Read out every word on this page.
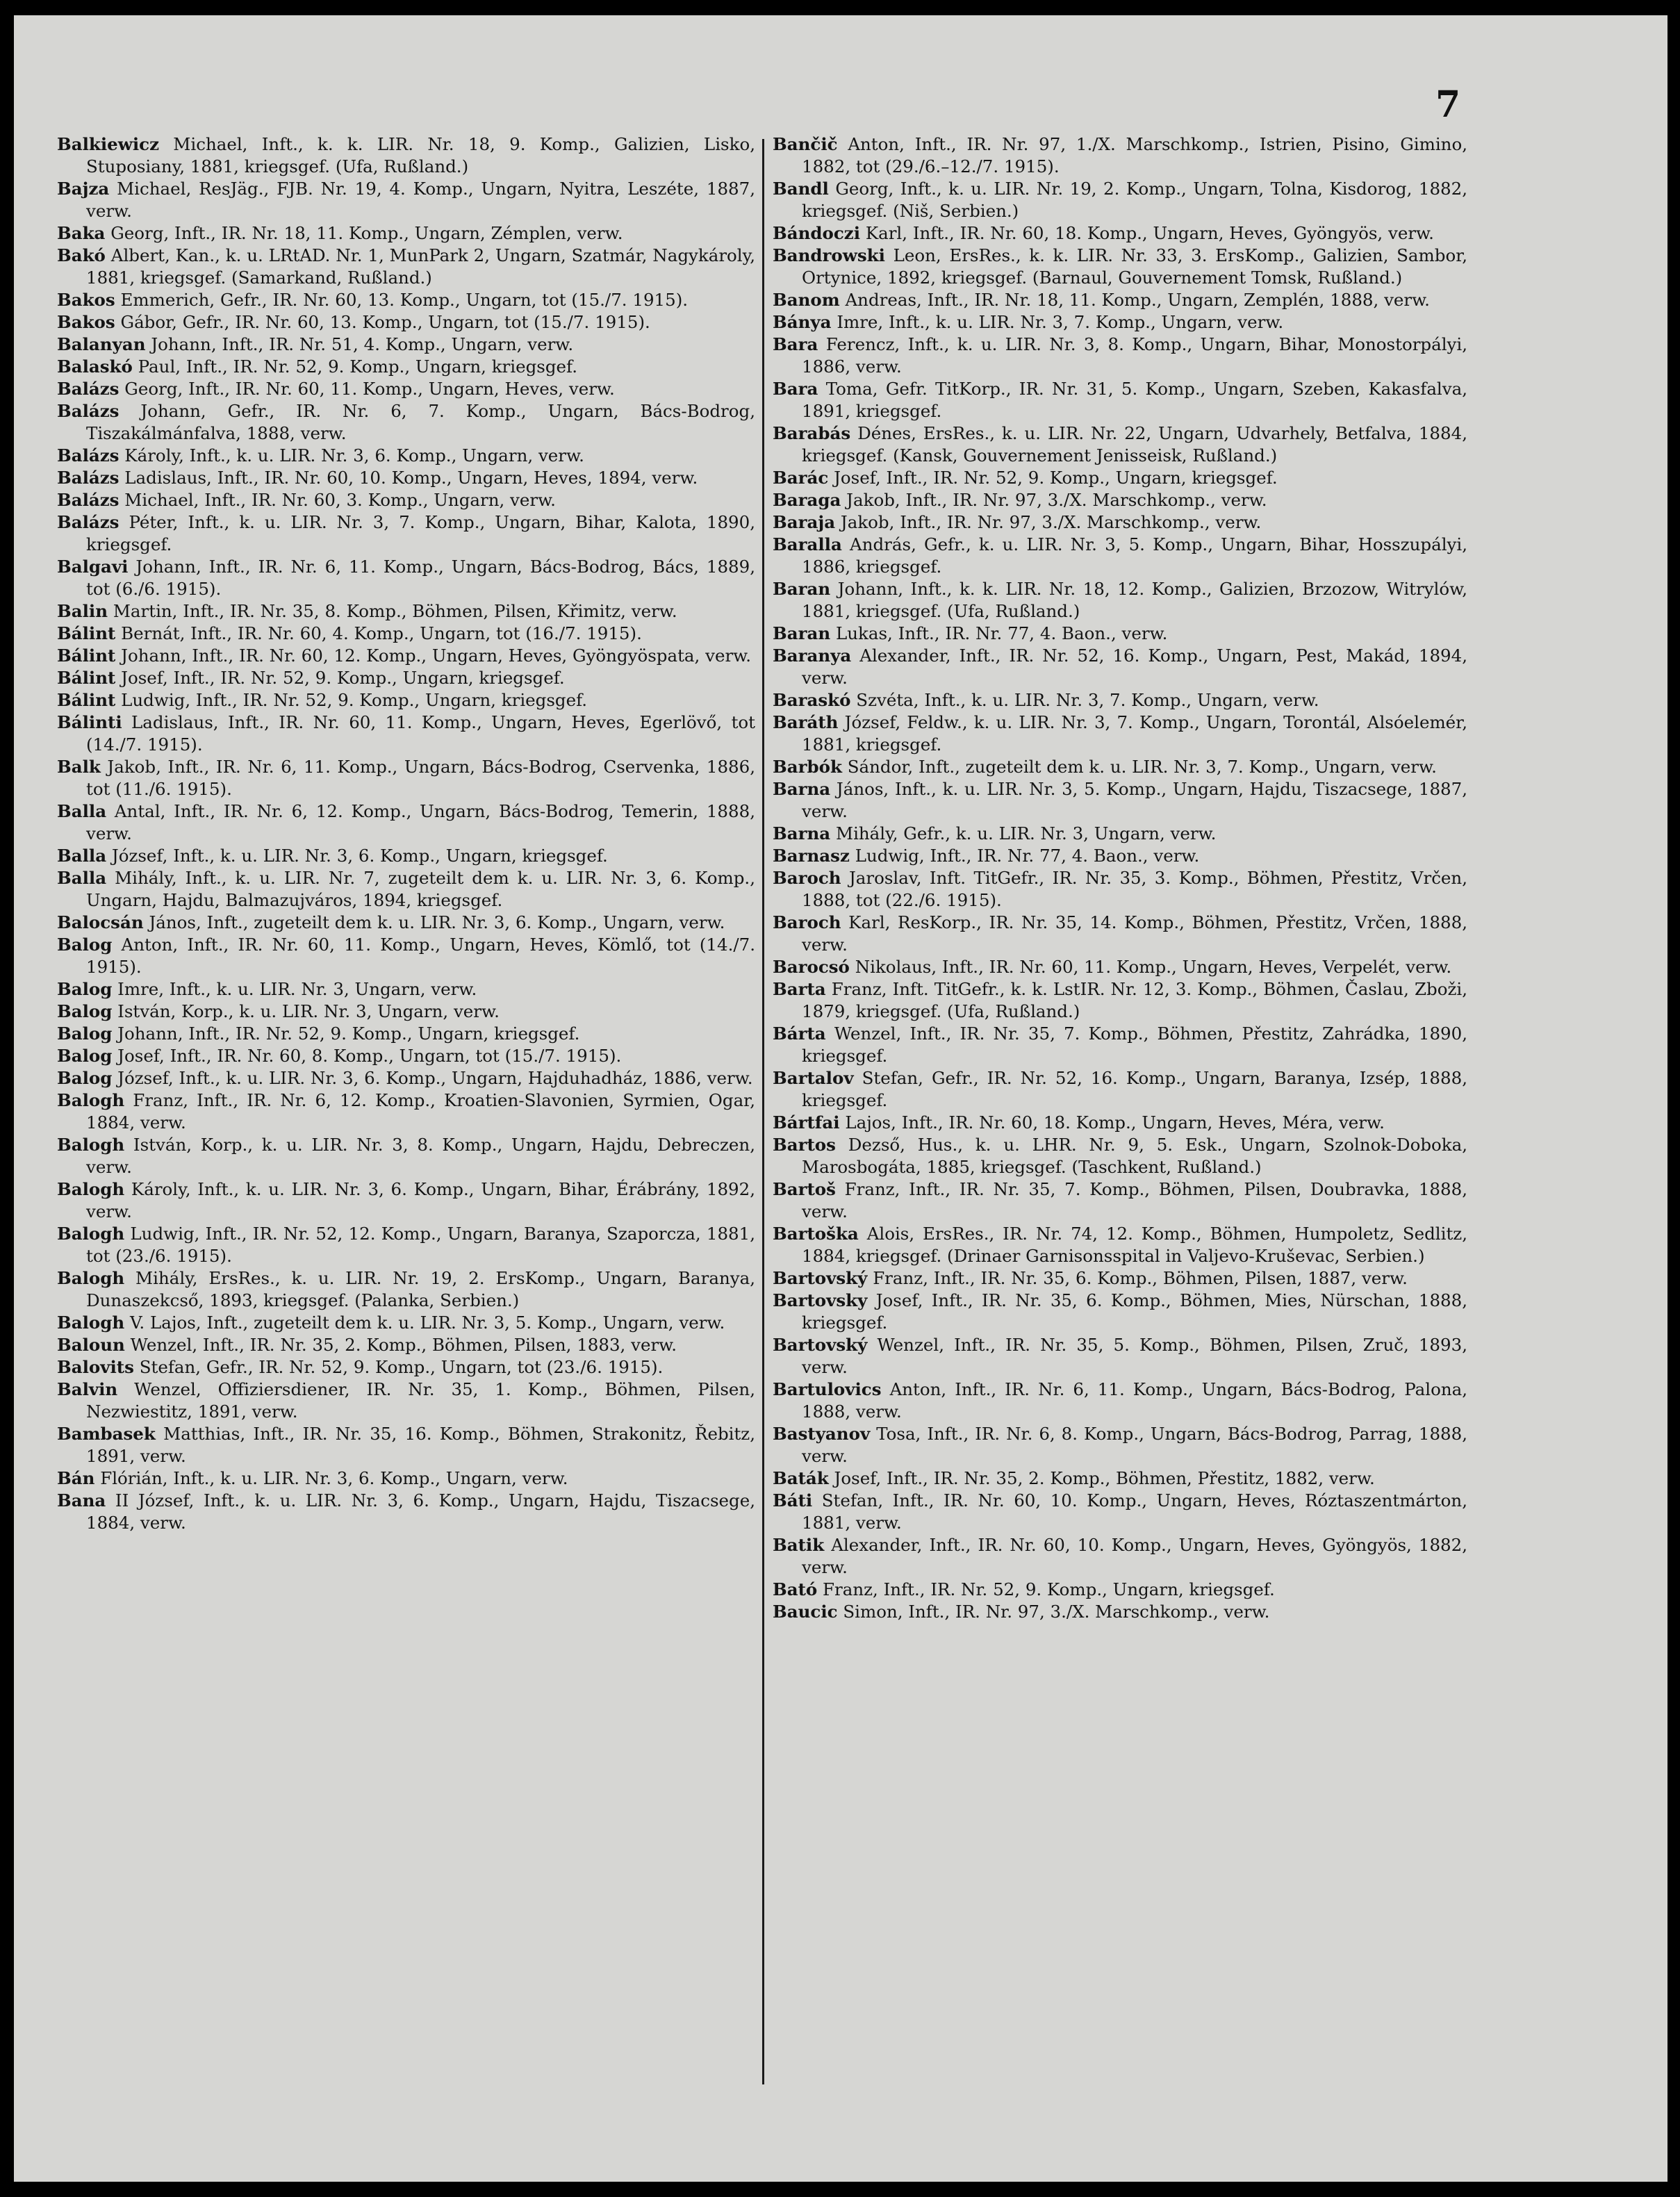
7

Balkiewicz Michael, Inft., k. k. LIR. Nr. 18, 9. Komp., Galizien, Lisko, Stuposiany, 1881, kriegsgef. (Ufa, Rußland.)

Bajza Michael, ResJäg., FJB. Nr. 19, 4. Komp., Ungarn, Nyitra, Leszéte, 1887, verw.

Baka Georg, Inft., IR. Nr. 18, 11. Komp., Ungarn, Zémplen, verw.

Bakó Albert, Kan., k. u. LRtAD. Nr. 1, MunPark 2, Ungarn, Szatmár, Nagykároly, 1881, kriegsgef. (Samarkand, Rußland.)

Bakos Emmerich, Gefr., IR. Nr. 60, 13. Komp., Ungarn, tot (15./7. 1915).

Bakos Gábor, Gefr., IR. Nr. 60, 13. Komp., Ungarn, tot (15./7. 1915).

Balanyan Johann, Inft., IR. Nr. 51, 4. Komp., Ungarn, verw.

Balaskó Paul, Inft., IR. Nr. 52, 9. Komp., Ungarn, kriegsgef.

Balázs Georg, Inft., IR. Nr. 60, 11. Komp., Ungarn, Heves, verw.

Balázs Johann, Gefr., IR. Nr. 6, 7. Komp., Ungarn, Bács-Bodrog, Tiszakálmánfalva, 1888, verw.

Balázs Károly, Inft., k. u. LIR. Nr. 3, 6. Komp., Ungarn, verw.

Balázs Ladislaus, Inft., IR. Nr. 60, 10. Komp., Ungarn, Heves, 1894, verw.

Balázs Michael, Inft., IR. Nr. 60, 3. Komp., Ungarn, verw.

Balázs Péter, Inft., k. u. LIR. Nr. 3, 7. Komp., Ungarn, Bihar, Kalota, 1890, kriegsgef.

Balgavi Johann, Inft., IR. Nr. 6, 11. Komp., Ungarn, Bács-Bodrog, Bács, 1889, tot (6./6. 1915).

Balin Martin, Inft., IR. Nr. 35, 8. Komp., Böhmen, Pilsen, Křimitz, verw.

Bálint Bernát, Inft., IR. Nr. 60, 4. Komp., Ungarn, tot (16./7. 1915).

Bálint Johann, Inft., IR. Nr. 60, 12. Komp., Ungarn, Heves, Gyöngyöspata, verw.

Bálint Josef, Inft., IR. Nr. 52, 9. Komp., Ungarn, kriegsgef.

Bálint Ludwig, Inft., IR. Nr. 52, 9. Komp., Ungarn, kriegsgef.

Bálinti Ladislaus, Inft., IR. Nr. 60, 11. Komp., Ungarn, Heves, Egerlövő, tot (14./7. 1915).

Balk Jakob, Inft., IR. Nr. 6, 11. Komp., Ungarn, Bács-Bodrog, Cservenka, 1886, tot (11./6. 1915).

Balla Antal, Inft., IR. Nr. 6, 12. Komp., Ungarn, Bács-Bodrog, Temerin, 1888, verw.

Balla József, Inft., k. u. LIR. Nr. 3, 6. Komp., Ungarn, kriegsgef.

Balla Mihály, Inft., k. u. LIR. Nr. 7, zugeteilt dem k. u. LIR. Nr. 3, 6. Komp., Ungarn, Hajdu, Balmazujváros, 1894, kriegsgef.

Balocsán János, Inft., zugeteilt dem k. u. LIR. Nr. 3, 6. Komp., Ungarn, verw.

Balog Anton, Inft., IR. Nr. 60, 11. Komp., Ungarn, Heves, Kömlő, tot (14./7. 1915).

Balog Imre, Inft., k. u. LIR. Nr. 3, Ungarn, verw.

Balog István, Korp., k. u. LIR. Nr. 3, Ungarn, verw.

Balog Johann, Inft., IR. Nr. 52, 9. Komp., Ungarn, kriegsgef.

Balog Josef, Inft., IR. Nr. 60, 8. Komp., Ungarn, tot (15./7. 1915).

Balog József, Inft., k. u. LIR. Nr. 3, 6. Komp., Ungarn, Hajduhadház, 1886, verw.

Balogh Franz, Inft., IR. Nr. 6, 12. Komp., Kroatien-Slavonien, Syrmien, Ogar, 1884, verw.

Balogh István, Korp., k. u. LIR. Nr. 3, 8. Komp., Ungarn, Hajdu, Debreczen, verw.

Balogh Károly, Inft., k. u. LIR. Nr. 3, 6. Komp., Ungarn, Bihar, Érábrány, 1892, verw.

Balogh Ludwig, Inft., IR. Nr. 52, 12. Komp., Ungarn, Baranya, Szaporcza, 1881, tot (23./6. 1915).

Balogh Mihály, ErsRes., k. u. LIR. Nr. 19, 2. ErsKomp., Ungarn, Baranya, Dunaszekcső, 1893, kriegsgef. (Palanka, Serbien.)

Balogh V. Lajos, Inft., zugeteilt dem k. u. LIR. Nr. 3, 5. Komp., Ungarn, verw.

Baloun Wenzel, Inft., IR. Nr. 35, 2. Komp., Böhmen, Pilsen, 1883, verw.

Balovits Stefan, Gefr., IR. Nr. 52, 9. Komp., Ungarn, tot (23./6. 1915).

Balvin Wenzel, Offiziersdiener, IR. Nr. 35, 1. Komp., Böhmen, Pilsen, Nezwiestitz, 1891, verw.

Bambasek Matthias, Inft., IR. Nr. 35, 16. Komp., Böhmen, Strakonitz, Řebitz, 1891, verw.

Bán Flórián, Inft., k. u. LIR. Nr. 3, 6. Komp., Ungarn, verw.

Bana II József, Inft., k. u. LIR. Nr. 3, 6. Komp., Ungarn, Hajdu, Tiszacsege, 1884, verw.

Bančič Anton, Inft., IR. Nr. 97, 1./X. Marschkomp., Istrien, Pisino, Gimino, 1882, tot (29./6.–12./7. 1915).

Bandl Georg, Inft., k. u. LIR. Nr. 19, 2. Komp., Ungarn, Tolna, Kisdorog, 1882, kriegsgef. (Niš, Serbien.)

Bándoczi Karl, Inft., IR. Nr. 60, 18. Komp., Ungarn, Heves, Gyöngyös, verw.

Bandrowski Leon, ErsRes., k. k. LIR. Nr. 33, 3. ErsKomp., Galizien, Sambor, Ortynice, 1892, kriegsgef. (Barnaul, Gouvernement Tomsk, Rußland.)

Banom Andreas, Inft., IR. Nr. 18, 11. Komp., Ungarn, Zemplén, 1888, verw.

Bánya Imre, Inft., k. u. LIR. Nr. 3, 7. Komp., Ungarn, verw.

Bara Ferencz, Inft., k. u. LIR. Nr. 3, 8. Komp., Ungarn, Bihar, Monostorpályi, 1886, verw.

Bara Toma, Gefr. TitKorp., IR. Nr. 31, 5. Komp., Ungarn, Szeben, Kakasfalva, 1891, kriegsgef.

Barabás Dénes, ErsRes., k. u. LIR. Nr. 22, Ungarn, Udvarhely, Betfalva, 1884, kriegsgef. (Kansk, Gouvernement Jenisseisk, Rußland.)

Barác Josef, Inft., IR. Nr. 52, 9. Komp., Ungarn, kriegsgef.

Baraga Jakob, Inft., IR. Nr. 97, 3./X. Marschkomp., verw.

Baraja Jakob, Inft., IR. Nr. 97, 3./X. Marschkomp., verw.

Baralla András, Gefr., k. u. LIR. Nr. 3, 5. Komp., Ungarn, Bihar, Hosszupályi, 1886, kriegsgef.

Baran Johann, Inft., k. k. LIR. Nr. 18, 12. Komp., Galizien, Brzozow, Witrylów, 1881, kriegsgef. (Ufa, Rußland.)

Baran Lukas, Inft., IR. Nr. 77, 4. Baon., verw.

Baranya Alexander, Inft., IR. Nr. 52, 16. Komp., Ungarn, Pest, Makád, 1894, verw.

Baraskó Szvéta, Inft., k. u. LIR. Nr. 3, 7. Komp., Ungarn, verw.

Baráth József, Feldw., k. u. LIR. Nr. 3, 7. Komp., Ungarn, Torontál, Alsóelemér, 1881, kriegsgef.

Barbók Sándor, Inft., zugeteilt dem k. u. LIR. Nr. 3, 7. Komp., Ungarn, verw.

Barna János, Inft., k. u. LIR. Nr. 3, 5. Komp., Ungarn, Hajdu, Tiszacsege, 1887, verw.

Barna Mihály, Gefr., k. u. LIR. Nr. 3, Ungarn, verw.

Barnasz Ludwig, Inft., IR. Nr. 77, 4. Baon., verw.

Baroch Jaroslav, Inft. TitGefr., IR. Nr. 35, 3. Komp., Böhmen, Přestitz, Vrčen, 1888, tot (22./6. 1915).

Baroch Karl, ResKorp., IR. Nr. 35, 14. Komp., Böhmen, Přestitz, Vrčen, 1888, verw.

Barocsó Nikolaus, Inft., IR. Nr. 60, 11. Komp., Ungarn, Heves, Verpelét, verw.

Barta Franz, Inft. TitGefr., k. k. LstIR. Nr. 12, 3. Komp., Böhmen, Časlau, Zboži, 1879, kriegsgef. (Ufa, Rußland.)

Bárta Wenzel, Inft., IR. Nr. 35, 7. Komp., Böhmen, Přestitz, Zahrádka, 1890, kriegsgef.

Bartalov Stefan, Gefr., IR. Nr. 52, 16. Komp., Ungarn, Baranya, Izsép, 1888, kriegsgef.

Bártfai Lajos, Inft., IR. Nr. 60, 18. Komp., Ungarn, Heves, Méra, verw.

Bartos Dezső, Hus., k. u. LHR. Nr. 9, 5. Esk., Ungarn, Szolnok-Doboka, Marosbogáta, 1885, kriegsgef. (Taschkent, Rußland.)

Bartoš Franz, Inft., IR. Nr. 35, 7. Komp., Böhmen, Pilsen, Doubravka, 1888, verw.

Bartoška Alois, ErsRes., IR. Nr. 74, 12. Komp., Böhmen, Humpoletz, Sedlitz, 1884, kriegsgef. (Drinaer Garnisonsspital in Valjevo-Kruševac, Serbien.)

Bartovský Franz, Inft., IR. Nr. 35, 6. Komp., Böhmen, Pilsen, 1887, verw.

Bartovsky Josef, Inft., IR. Nr. 35, 6. Komp., Böhmen, Mies, Nürschan, 1888, kriegsgef.

Bartovský Wenzel, Inft., IR. Nr. 35, 5. Komp., Böhmen, Pilsen, Zruč, 1893, verw.

Bartulovics Anton, Inft., IR. Nr. 6, 11. Komp., Ungarn, Bács-Bodrog, Palona, 1888, verw.

Bastyanov Tosa, Inft., IR. Nr. 6, 8. Komp., Ungarn, Bács-Bodrog, Parrag, 1888, verw.

Baták Josef, Inft., IR. Nr. 35, 2. Komp., Böhmen, Přestitz, 1882, verw.

Báti Stefan, Inft., IR. Nr. 60, 10. Komp., Ungarn, Heves, Róztaszentmárton, 1881, verw.

Batik Alexander, Inft., IR. Nr. 60, 10. Komp., Ungarn, Heves, Gyöngyös, 1882, verw.

Bató Franz, Inft., IR. Nr. 52, 9. Komp., Ungarn, kriegsgef.

Baucic Simon, Inft., IR. Nr. 97, 3./X. Marschkomp., verw.
